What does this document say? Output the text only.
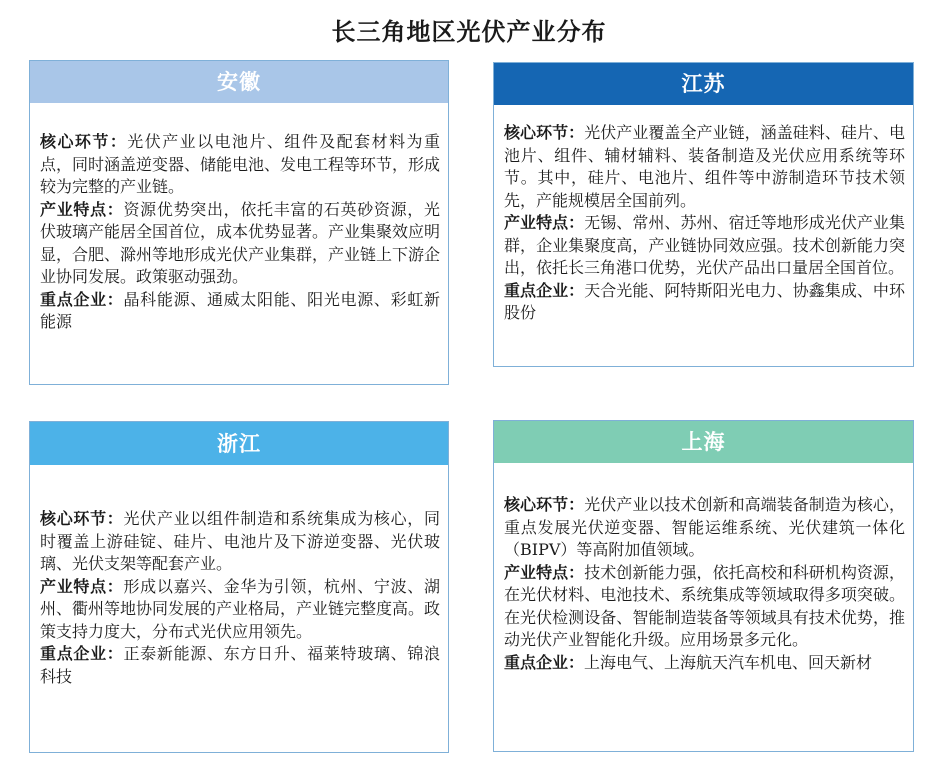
长三角地区光伏产业分布
安徽
核心环节：光伏产业以电池片、组件及配套材料为重点，同时涵盖逆变器、储能电池、发电工程等环节，形成较为完整的产业链。
产业特点：资源优势突出，依托丰富的石英砂资源，光伏玻璃产能居全国首位，成本优势显著。产业集聚效应明显，合肥、滁州等地形成光伏产业集群，产业链上下游企业协同发展。政策驱动强劲。
重点企业：晶科能源、通威太阳能、阳光电源、彩虹新能源
江苏
核心环节：光伏产业覆盖全产业链，涵盖硅料、硅片、电池片、组件、辅材辅料、装备制造及光伏应用系统等环节。其中，硅片、电池片、组件等中游制造环节技术领先，产能规模居全国前列。
产业特点：无锡、常州、苏州、宿迁等地形成光伏产业集群，企业集聚度高，产业链协同效应强。技术创新能力突出，依托长三角港口优势，光伏产品出口量居全国首位。
重点企业：天合光能、阿特斯阳光电力、协鑫集成、中环股份
浙江
核心环节：光伏产业以组件制造和系统集成为核心，同时覆盖上游硅锭、硅片、电池片及下游逆变器、光伏玻璃、光伏支架等配套产业。
产业特点：形成以嘉兴、金华为引领，杭州、宁波、湖州、衢州等地协同发展的产业格局，产业链完整度高。政策支持力度大，分布式光伏应用领先。
重点企业：正泰新能源、东方日升、福莱特玻璃、锦浪科技
上海
核心环节：光伏产业以技术创新和高端装备制造为核心，重点发展光伏逆变器、智能运维系统、光伏建筑一体化（BIPV）等高附加值领域。
产业特点：技术创新能力强，依托高校和科研机构资源，在光伏材料、电池技术、系统集成等领域取得多项突破。在光伏检测设备、智能制造装备等领域具有技术优势，推动光伏产业智能化升级。应用场景多元化。
重点企业：上海电气、上海航天汽车机电、回天新材
